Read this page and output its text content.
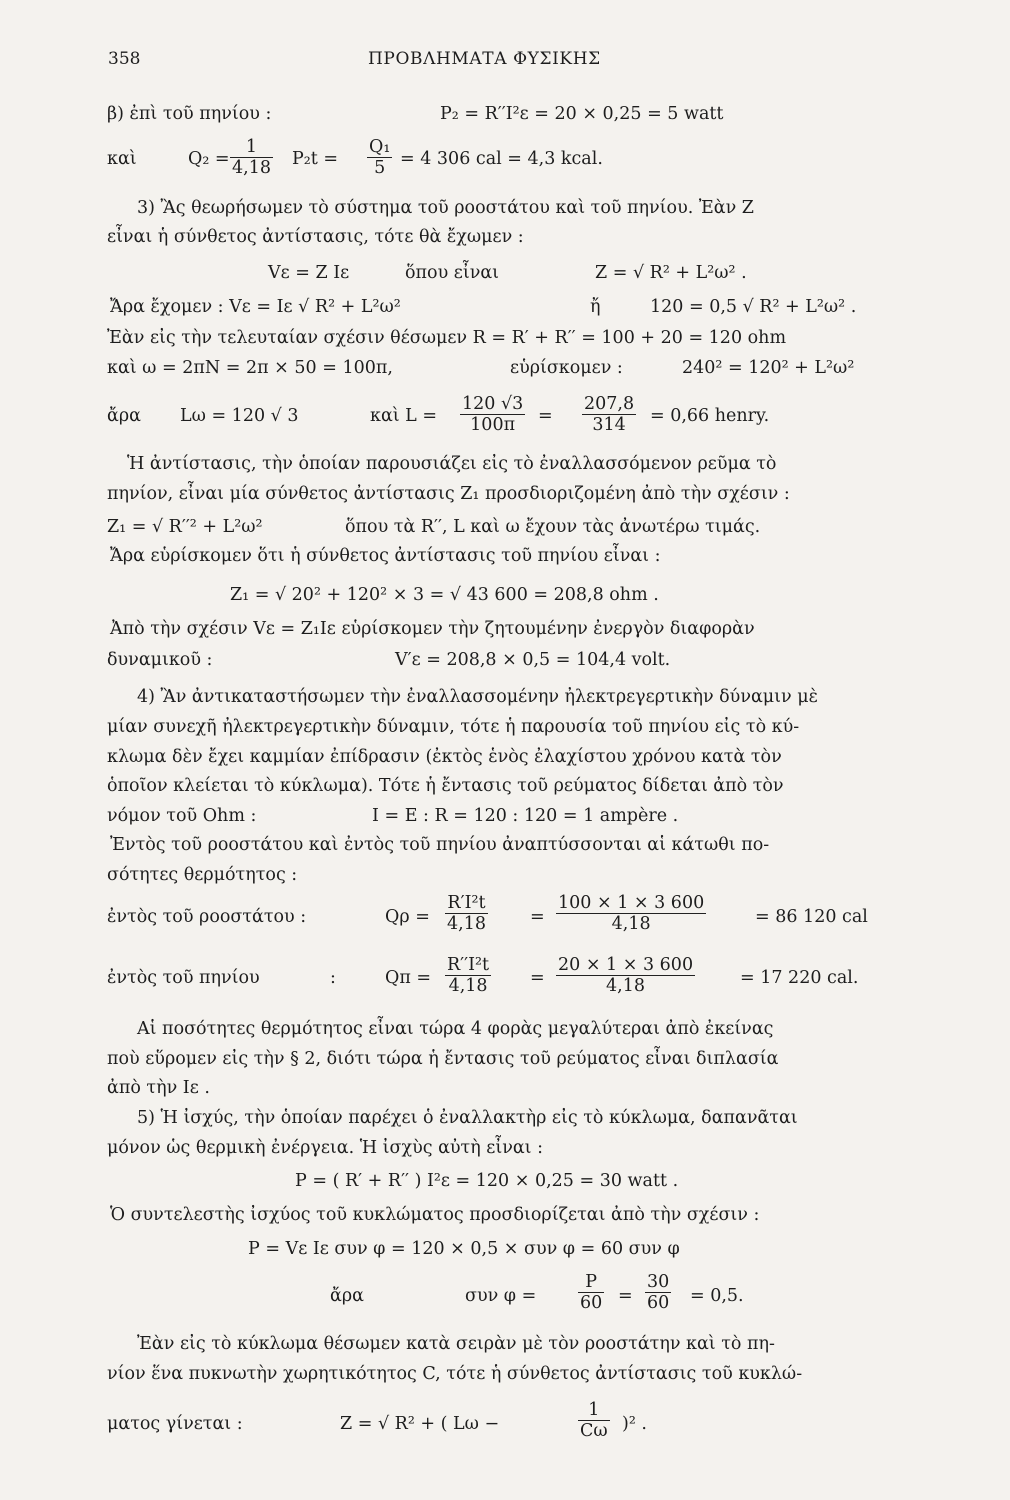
358	ΠΡΟΒΛΗΜΑΤΑ ΦΥΣΙΚΗΣ
β) ἐπὶ τοῦ πηνίου :	P₂ = R′′I²ε = 20 × 0,25 = 5 watt
καὶ	$Q_2 = \frac{1}{4,18} P_2t = \frac{\text{Q₁}}{5} = 4$ 306 cal = 4,3 kcal.
3) Ἂς θεωρήσωμεν τὸ σύστημα τοῦ ροοστάτου καὶ τοῦ πηνίου. Ἐὰν Z
εἶναι ἡ σύνθετος ἀντίστασις, τότε θὰ ἔχωμεν :
Vε = Z Iε	ὅπου εἶναι	Z = √ R² + L²ω² .
Ἄρα ἔχομεν : Vε = Iε √ R² + L²ω²	ἤ	120 = 0,5 √ R² + L²ω² .
Ἐὰν εἰς τὴν τελευταίαν σχέσιν θέσωμεν R = R′ + R′′ = 100 + 20 = 120 ohm
καὶ ω = 2πN = 2π × 50 = 100π,	εὑρίσκομεν :	240² = 120² + L²ω²
ἄρα Lω = 120 √ 3	καὶ $L = \frac{120 √3}{100\pi} = \frac{207,8}{314} = 0,66$ henry.
Ἡ ἀντίστασις, τὴν ὁποίαν παρουσιάζει εἰς τὸ ἐναλλασσόμενον ρεῦμα τὸ
πηνίον, εἶναι μία σύνθετος ἀντίστασις Z₁ προσδιοριζομένη ἀπὸ τὴν σχέσιν :
Z₁ = √ R′′² + L²ω²	ὅπου τὰ R′′, L καὶ ω ἔχουν τὰς ἀνωτέρω τιμάς.
Ἄρα εὑρίσκομεν ὅτι ἡ σύνθετος ἀντίστασις τοῦ πηνίου εἶναι :
Z₁ = √ 20² + 120² × 3 = √ 43 600 = 208,8 ohm .
Ἀπὸ τὴν σχέσιν Vε = Z₁Iε εὑρίσκομεν τὴν ζητουμένην ἐνεργὸν διαφορὰν
δυναμικοῦ :	V′ε = 208,8 × 0,5 = 104,4 volt.
4) Ἂν ἀντικαταστήσωμεν τὴν ἐναλλασσομένην ἠλεκτρεγερτικὴν δύναμιν μὲ
μίαν συνεχῆ ἠλεκτρεγερτικὴν δύναμιν, τότε ἡ παρουσία τοῦ πηνίου εἰς τὸ κύ-
κλωμα δὲν ἔχει καμμίαν ἐπίδρασιν (ἐκτὸς ἑνὸς ἐλαχίστου χρόνου κατὰ τὸν
ὁποῖον κλείεται τὸ κύκλωμα). Τότε ἡ ἔντασις τοῦ ρεύματος δίδεται ἀπὸ τὸν
νόμον τοῦ Ohm :	I = E : R = 120 : 120 = 1 ampère .
Ἐντὸς τοῦ ροοστάτου καὶ ἐντὸς τοῦ πηνίου ἀναπτύσσονται αἱ κάτωθι πο-
σότητες θερμότητος :
ἐντὸς τοῦ ροοστάτου :	$Q\rho = \frac{\text{R′I²t}}{4,18} = \frac{100 \times 1 \times 3 600}{4,18}$	= 86 120 cal
ἐντὸς τοῦ πηνίου	:	$Q\pi = \frac{\text{R′′I²t}}{4,18} = \frac{20 \times 1 \times 3 600}{4,18}$	= 17 220 cal.
Αἱ ποσότητες θερμότητος εἶναι τώρα 4 φορὰς μεγαλύτεραι ἀπὸ ἐκείνας
ποὺ εὕρομεν εἰς τὴν § 2, διότι τώρα ἡ ἔντασις τοῦ ρεύματος εἶναι διπλασία
ἀπὸ τὴν Iε .
5) Ἡ ἰσχύς, τὴν ὁποίαν παρέχει ὁ ἐναλλακτὴρ εἰς τὸ κύκλωμα, δαπανᾶται
μόνον ὡς θερμικὴ ἐνέργεια. Ἡ ἰσχὺς αὐτὴ εἶναι :
P = ( R′ + R′′ ) I²ε = 120 × 0,25 = 30 watt .
Ὁ συντελεστὴς ἰσχύος τοῦ κυκλώματος προσδιορίζεται ἀπὸ τὴν σχέσιν :
P = Vε Iε συν φ = 120 × 0,5 × συν φ = 60 συν φ
ἄρα	συν $\varphi = \frac{P}{60} = \frac{30}{60} = 0,5$.
Ἐὰν εἰς τὸ κύκλωμα θέσωμεν κατὰ σειρὰν μὲ τὸν ροοστάτην καὶ τὸ πη-
νίον ἕνα πυκνωτὴν χωρητικότητος C, τότε ἡ σύνθετος ἀντίστασις τοῦ κυκλώ-
ματος γίνεται :	Z = √ R² + ( Lω −	$\frac{1}{C\omega} )^2$ .
